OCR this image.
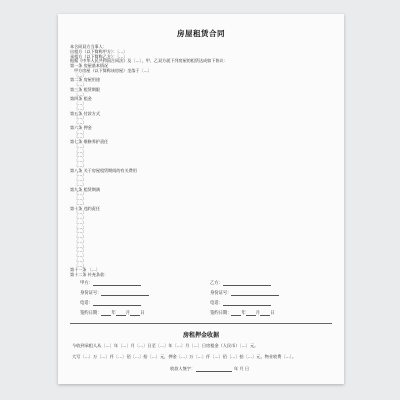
房屋租赁合同
本合同双方当事人：
出租方（以下简称甲方）：〔…〕
承租方（以下简称乙方）：〔…〕
根据《中华人民共和国合同法》及〔…〕，甲、乙双方就下列房屋的租赁达成如下协议：
第一条 房屋基本情况
甲方房屋（以下简称该房屋）坐落于〔…〕
〔…〕
第二条 房屋用途
〔…〕
第三条 租赁期限
〔…〕
第四条 租金
〔…〕
〔…〕
第五条 付款方式
〔…〕
〔…〕
第六条 押金
〔…〕
〔…〕
第七条 维修养护责任
〔…〕
〔…〕
〔…〕
〔…〕
〔…〕
第八条 关于房屋租赁期间的有关费用
〔…〕
〔…〕
〔…〕
第九条 租赁期满
〔…〕
〔…〕
〔…〕
第十条 违约责任
〔…〕
〔…〕
〔…〕
〔…〕
〔…〕
〔…〕
〔…〕
〔…〕
〔…〕
〔…〕
〔…〕
〔…〕
第十一条 〔…〕
第十二条 补充条款：
甲方：	乙方：
身份证号：	身份证号：
电话：	电话：
签约日期： 年 月 日	签约日期： 年 月 日
房租押金收据
今收到承租人从〔…〕年〔…〕月〔…〕日至〔…〕年〔…〕月〔…〕日房租金（人民币）〔…〕元。
大写〔…〕万〔…〕仟〔…〕佰〔…〕拾〔…〕元，押金〔…〕万〔…〕仟〔…〕佰〔…〕拾〔…〕元，物业收费〔…〕。
收款人签字：	年 月 日
